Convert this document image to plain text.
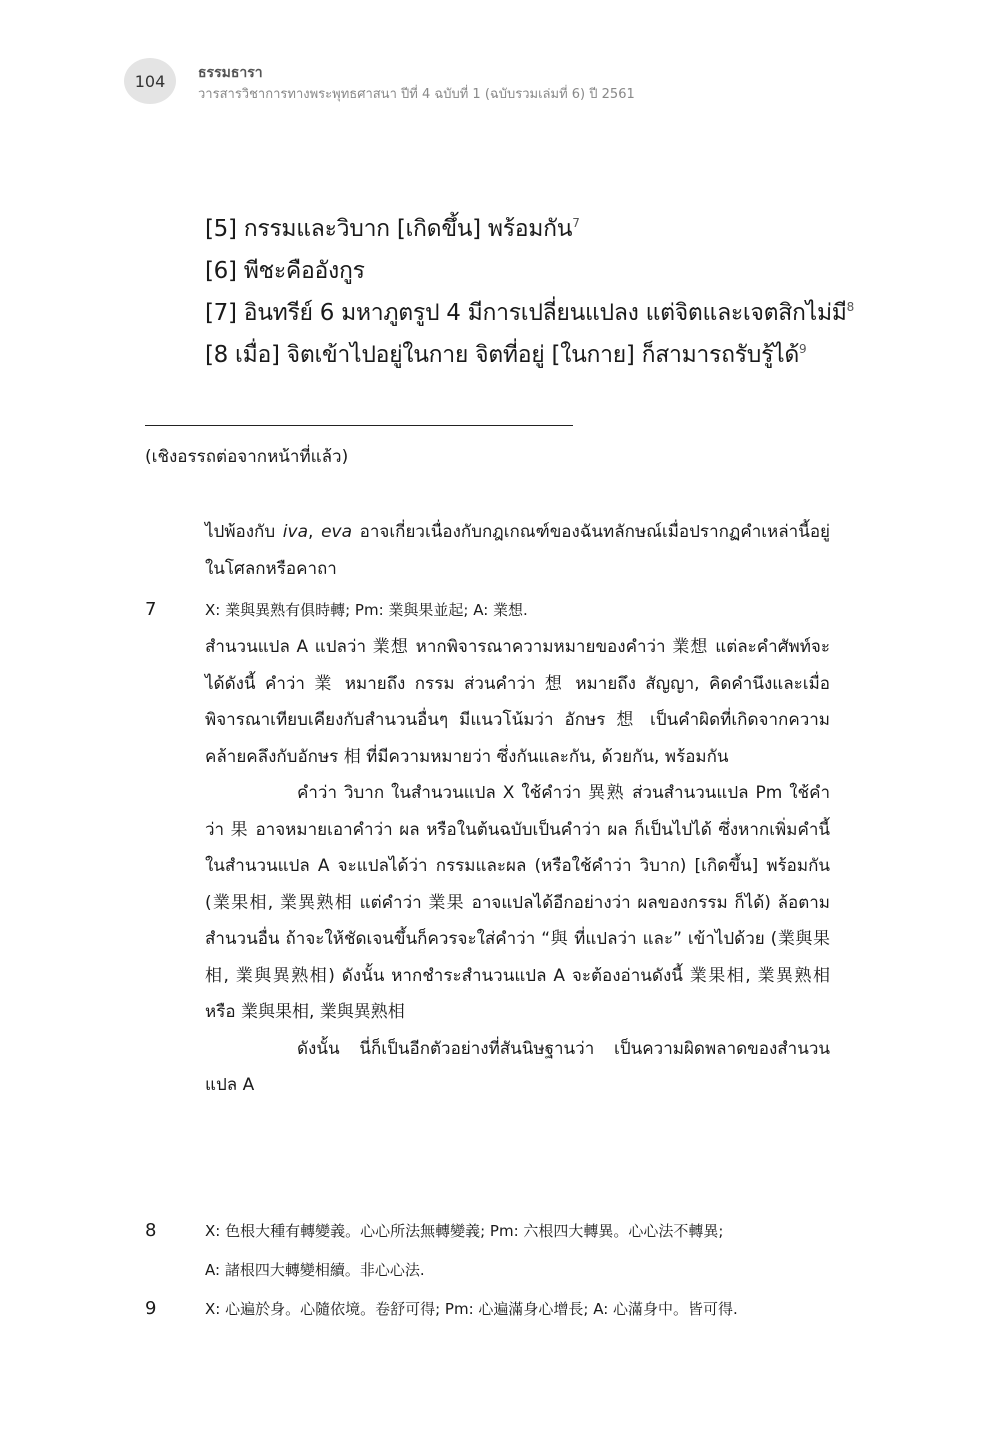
104 ธรรมธารา
วารสารวิชาการทางพระพุทธศาสนา ปีที่ 4 ฉบับที่ 1 (ฉบับรวมเล่มที่ 6) ปี 2561
[5] กรรมและวิบาก [เกิดขึ้น] พร้อมกัน$^7$
[6] พีชะคืออังกูร
[7] อินทรีย์ 6 มหาภูตรูป 4 มีการเปลี่ยนแปลง แต่จิตและเจตสิกไม่มี$^8$
[8 เมื่อ] จิตเข้าไปอยู่ในกาย จิตที่อยู่ [ในกาย] ก็สามารถรับรู้ได้$^9$
(เชิงอรรถต่อจากหน้าที่แล้ว)

ไปพ้องกับ iva, eva อาจเกี่ยวเนื่องกับกฎเกณฑ์ของฉันทลักษณ์เมื่อปรากฏคำเหล่านี้อยู่ในโศลกหรือคาถา

7	X: 業與異熟有俱時轉; Pm: 業與果並起; A: 業想.

สำนวนแปล A แปลว่า 業想 หากพิจารณาความหมายของคำว่า 業想 แต่ละคำศัพท์จะได้ดังนี้ คำว่า 業 หมายถึง กรรม ส่วนคำว่า 想 หมายถึง สัญญา, คิดคำนึงและเมื่อพิจารณาเทียบเคียงกับสำนวนอื่นๆ มีแนวโน้มว่า อักษร 想 เป็นคำผิดที่เกิดจากความคล้ายคลึงกับอักษร 相 ที่มีความหมายว่า ซึ่งกันและกัน, ด้วยกัน, พร้อมกัน

คำว่า วิบาก ในสำนวนแปล X ใช้คำว่า 異熟 ส่วนสำนวนแปล Pm ใช้คำว่า 果 อาจหมายเอาคำว่า ผล หรือในต้นฉบับเป็นคำว่า ผล ก็เป็นไปได้ ซึ่งหากเพิ่มคำนี้ในสำนวนแปล A จะแปลได้ว่า กรรมและผล (หรือใช้คำว่า วิบาก) [เกิดขึ้น] พร้อมกัน (業果相, 業異熟相 แต่คำว่า 業果 อาจแปลได้อีกอย่างว่า ผลของกรรม ก็ได้) ล้อตามสำนวนอื่น ถ้าจะให้ชัดเจนขึ้นก็ควรจะใส่คำว่า “與 ที่แปลว่า และ” เข้าไปด้วย (業與果相, 業與異熟相) ดังนั้น หากชำระสำนวนแปล A จะต้องอ่านดังนี้ 業果相, 業異熟相 หรือ 業與果相, 業與異熟相

ดังนั้น นี่ก็เป็นอีกตัวอย่างที่สันนิษฐานว่า เป็นความผิดพลาดของสำนวนแปล A

8	X: 色根大種有轉變義。心心所法無轉變義; Pm: 六根四大轉異。心心法不轉異;
A: 諸根四大轉變相續。非心心法.
9	X: 心遍於身。心隨依境。卷舒可得; Pm: 心遍滿身心增長; A: 心滿身中。皆可得.
